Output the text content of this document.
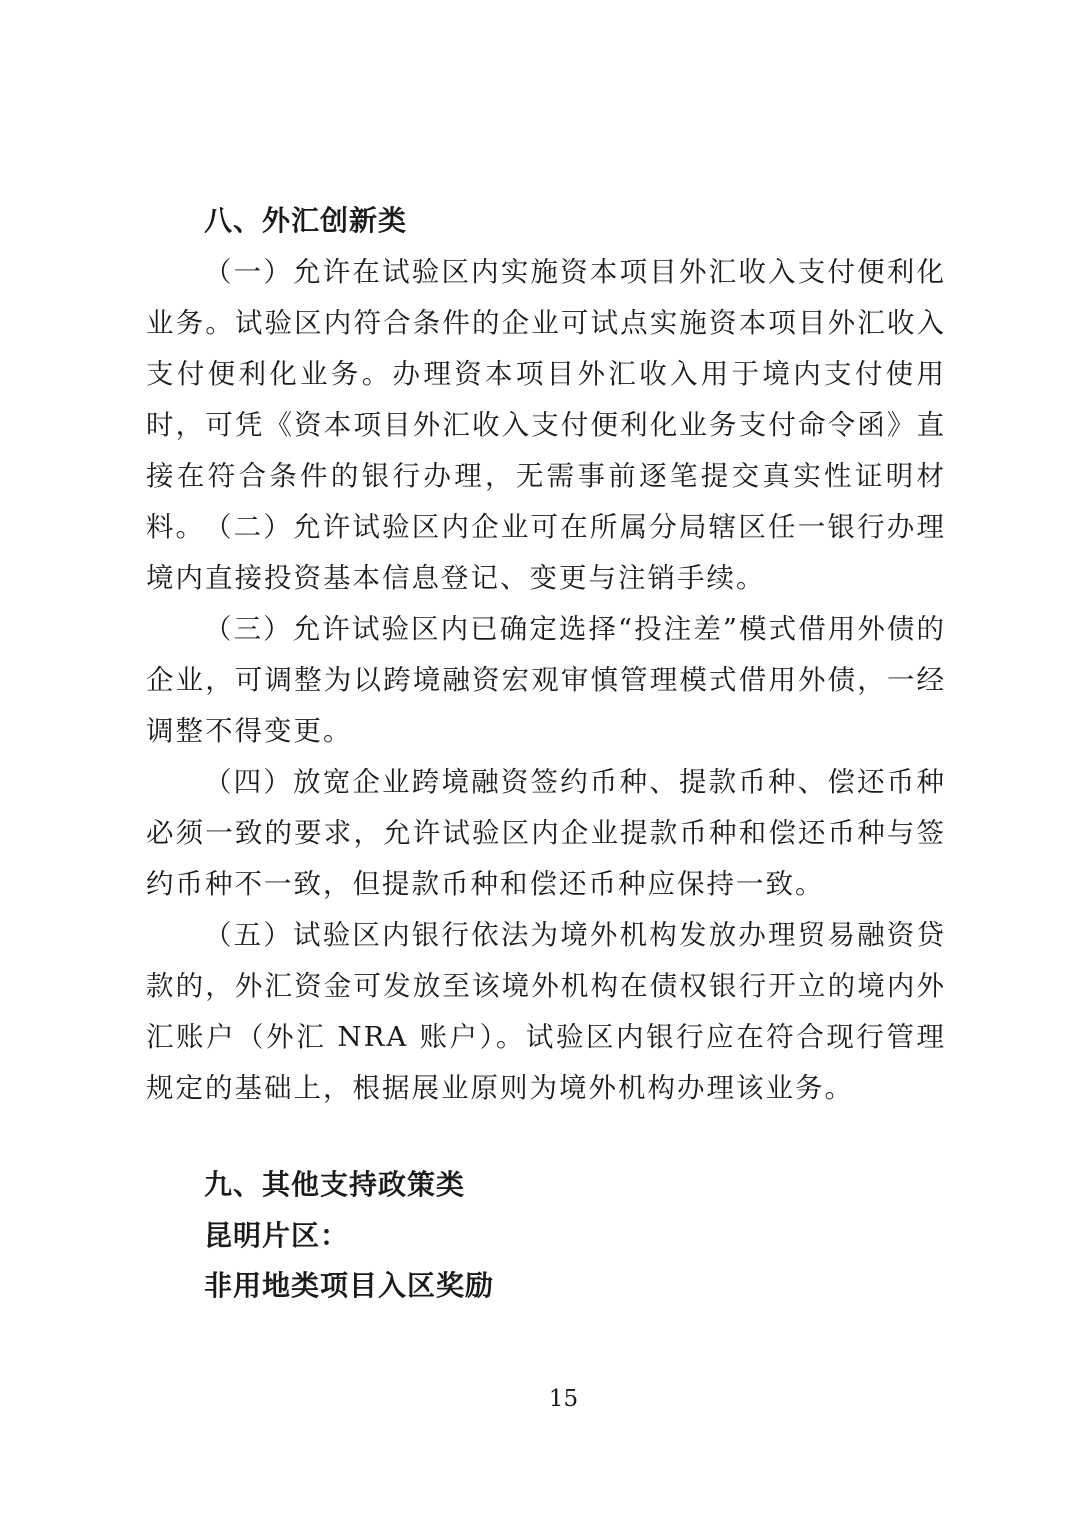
八、外汇创新类

（一）允许在试验区内实施资本项目外汇收入支付便利化业务。试验区内符合条件的企业可试点实施资本项目外汇收入支付便利化业务。办理资本项目外汇收入用于境内支付使用时，可凭《资本项目外汇收入支付便利化业务支付命令函》直接在符合条件的银行办理，无需事前逐笔提交真实性证明材料。 （二）允许试验区内企业可在所属分局辖区任一银行办理境内直接投资基本信息登记、变更与注销手续。

（三）允许试验区内已确定选择“投注差”模式借用外债的企业，可调整为以跨境融资宏观审慎管理模式借用外债，一经调整不得变更。

（四）放宽企业跨境融资签约币种、提款币种、偿还币种必须一致的要求，允许试验区内企业提款币种和偿还币种与签约币种不一致，但提款币种和偿还币种应保持一致。

（五）试验区内银行依法为境外机构发放办理贸易融资贷款的，外汇资金可发放至该境外机构在债权银行开立的境内外汇账户（外汇 NRA 账户）。试验区内银行应在符合现行管理规定的基础上，根据展业原则为境外机构办理该业务。

九、其他支持政策类
昆明片区：
非用地类项目入区奖励
15
